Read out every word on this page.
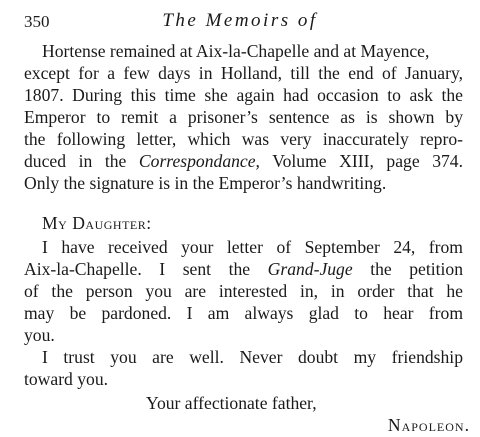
350	The Memoirs of
Hortense remained at Aix-la-Chapelle and at Mayence,
except for a few days in Holland, till the end of January,
1807. During this time she again had occasion to ask the
Emperor to remit a prisoner’s sentence as is shown by
the following letter, which was very inaccurately repro-
duced in the Correspondance, Volume XIII, page 374.
Only the signature is in the Emperor’s handwriting.
My Daughter:
I have received your letter of September 24, from
Aix-la-Chapelle. I sent the Grand-Juge the petition
of the person you are interested in, in order that he
may be pardoned. I am always glad to hear from
you.
I trust you are well. Never doubt my friendship
toward you.
Your affectionate father,
Napoleon.
